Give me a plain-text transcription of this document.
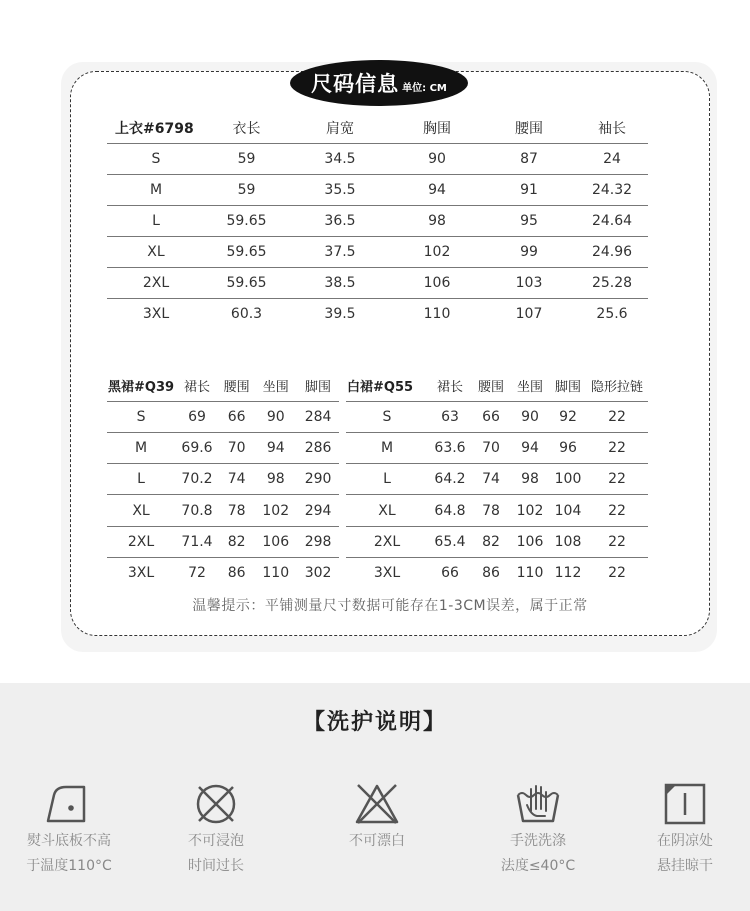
尺码信息 单位: CM
上衣#6798	衣长	肩宽	胸围	腰围	袖长
S	59	34.5	90	87	24
M	59	35.5	94	91	24.32
L	59.65	36.5	98	95	24.64
XL	59.65	37.5	102	99	24.96
2XL	59.65	38.5	106	103	25.28
3XL	60.3	39.5	110	107	25.6
黑裙#Q39	裙长	腰围	坐围	脚围
S	69	66	90	284
M	69.6	70	94	286
L	70.2	74	98	290
XL	70.8	78	102	294
2XL	71.4	82	106	298
3XL	72	86	110	302
白裙#Q55	裙长	腰围	坐围	脚围	隐形拉链
S	63	66	90	92	22
M	63.6	70	94	96	22
L	64.2	74	98	100	22
XL	64.8	78	102	104	22
2XL	65.4	82	106	108	22
3XL	66	86	110	112	22
温馨提示：平铺测量尺寸数据可能存在1-3CM误差，属于正常
【洗护说明】
熨斗底板不高
于温度110°C
不可浸泡
时间过长
不可漂白	手洗洗涤
法度≤40°C
在阴凉处
悬挂晾干
